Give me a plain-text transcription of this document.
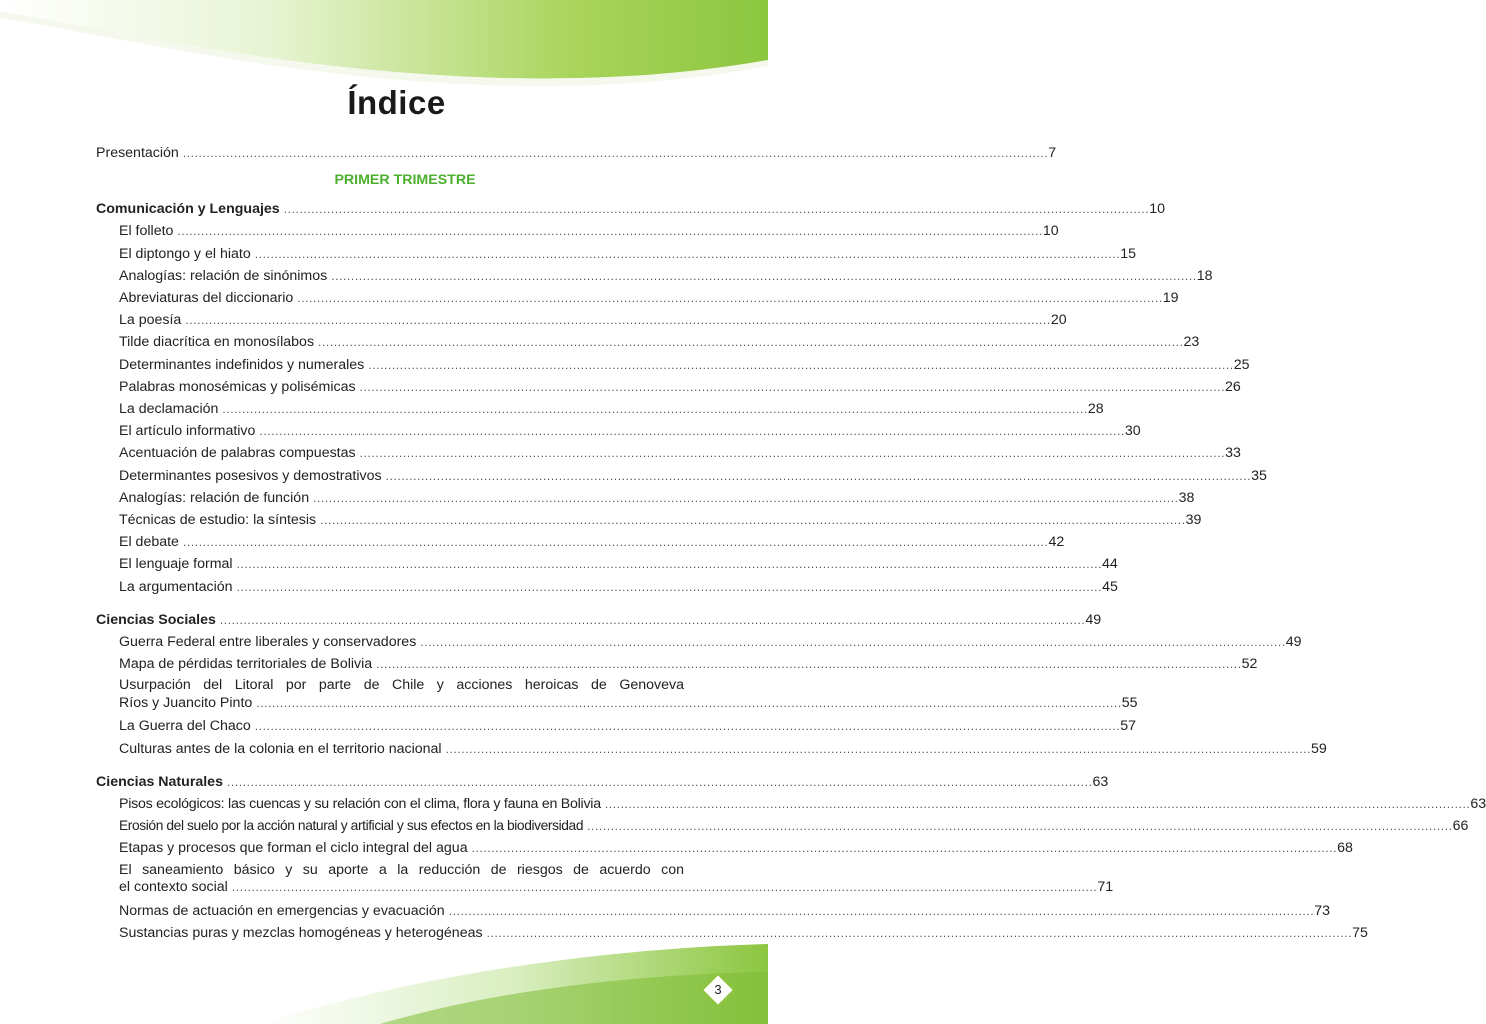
Índice
Presentación ............................................................................................................................................................................................................................ 7
PRIMER TRIMESTRE
Comunicación y Lenguajes ............................................................................................................................................................................................................................ 10
El folleto ............................................................................................................................................................................................................................ 10
El diptongo y el hiato ............................................................................................................................................................................................................................ 15
Analogías: relación de sinónimos ............................................................................................................................................................................................................................ 18
Abreviaturas del diccionario ............................................................................................................................................................................................................................ 19
La poesía ............................................................................................................................................................................................................................ 20
Tilde diacrítica en monosílabos ............................................................................................................................................................................................................................ 23
Determinantes indefinidos y numerales ............................................................................................................................................................................................................................ 25
Palabras monosémicas y polisémicas ............................................................................................................................................................................................................................ 26
La declamación ............................................................................................................................................................................................................................ 28
El artículo informativo ............................................................................................................................................................................................................................ 30
Acentuación de palabras compuestas ............................................................................................................................................................................................................................ 33
Determinantes posesivos y demostrativos ............................................................................................................................................................................................................................ 35
Analogías: relación de función ............................................................................................................................................................................................................................ 38
Técnicas de estudio: la síntesis ............................................................................................................................................................................................................................ 39
El debate ............................................................................................................................................................................................................................ 42
El lenguaje formal ............................................................................................................................................................................................................................ 44
La argumentación ............................................................................................................................................................................................................................ 45
Ciencias Sociales ............................................................................................................................................................................................................................ 49
Guerra Federal entre liberales y conservadores ............................................................................................................................................................................................................................ 49
Mapa de pérdidas territoriales de Bolivia ............................................................................................................................................................................................................................ 52
Usurpación del Litoral por parte de Chile y acciones heroicas de Genoveva
Ríos y Juancito Pinto ............................................................................................................................................................................................................................ 55
La Guerra del Chaco ............................................................................................................................................................................................................................ 57
Culturas antes de la colonia en el territorio nacional ............................................................................................................................................................................................................................ 59
Ciencias Naturales ............................................................................................................................................................................................................................ 63
Pisos ecológicos: las cuencas y su relación con el clima, flora y fauna en Bolivia ............................................................................................................................................................................................................................ 63
Erosión del suelo por la acción natural y artificial y sus efectos en la biodiversidad ............................................................................................................................................................................................................................ 66
Etapas y procesos que forman el ciclo integral del agua ............................................................................................................................................................................................................................ 68
El saneamiento básico y su aporte a la reducción de riesgos de acuerdo con
el contexto social ............................................................................................................................................................................................................................ 71
Normas de actuación en emergencias y evacuación ............................................................................................................................................................................................................................ 73
Sustancias puras y mezclas homogéneas y heterogéneas ............................................................................................................................................................................................................................ 75
3
